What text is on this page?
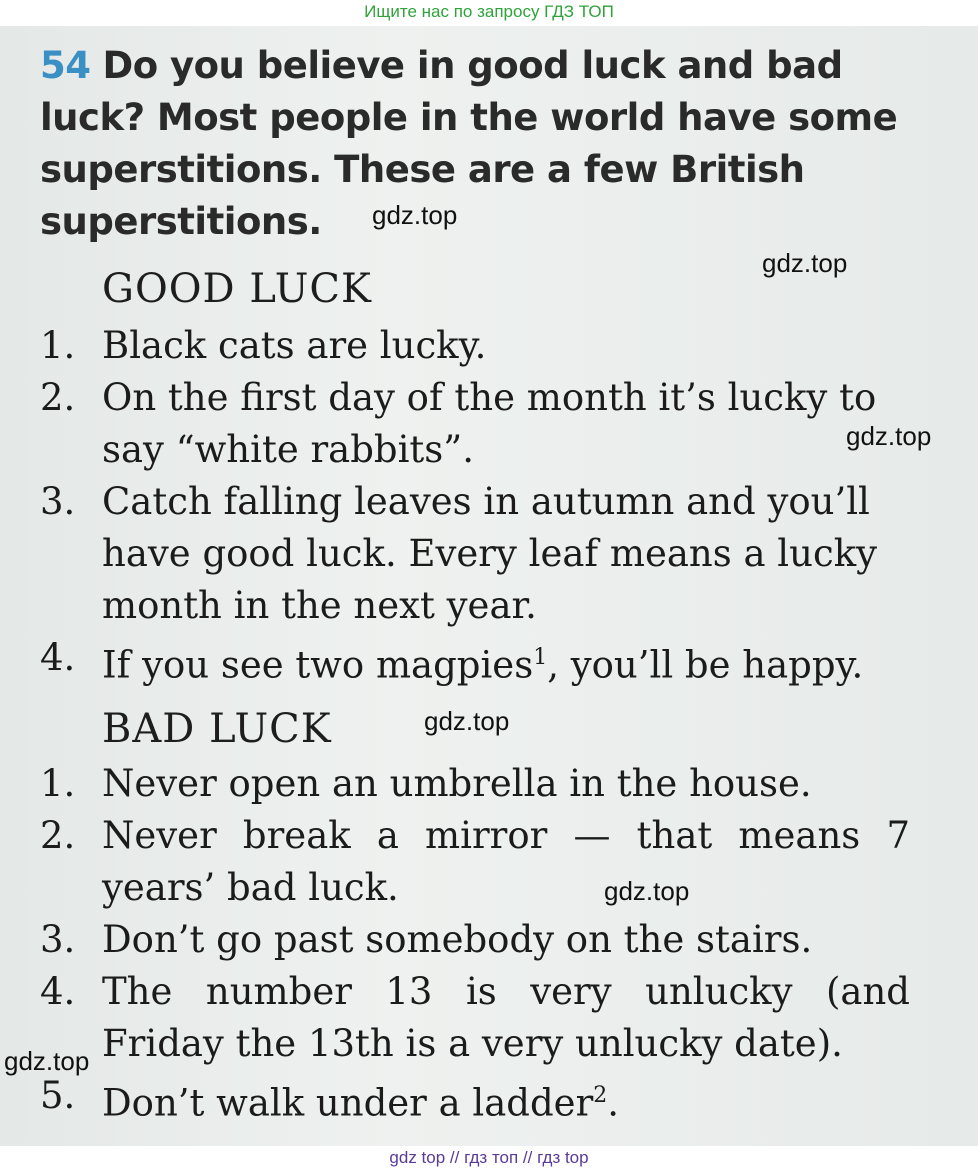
Ищите нас по запросу ГДЗ ТОП
54 Do you believe in good luck and bad luck? Most people in the world have some superstitions. These are a few British superstitions.
GOOD LUCK
1. Black cats are lucky.
2. On the first day of the month it’s lucky to say “white rabbits”.
3. Catch falling leaves in autumn and you’ll have good luck. Every leaf means a lucky month in the next year.
4. If you see two magpies$^1$, you’ll be happy.
BAD LUCK
1. Never open an umbrella in the house.
2. Never break a mirror — that means 7 years’ bad luck.
3. Don’t go past somebody on the stairs.
4. The number 13 is very unlucky (and Friday the 13th is a very unlucky date).
5. Don’t walk under a ladder$^2$.
gdz.top
gdz.top
gdz.top
gdz.top
gdz.top
gdz.top
gdz top // гдз топ // гдз top
